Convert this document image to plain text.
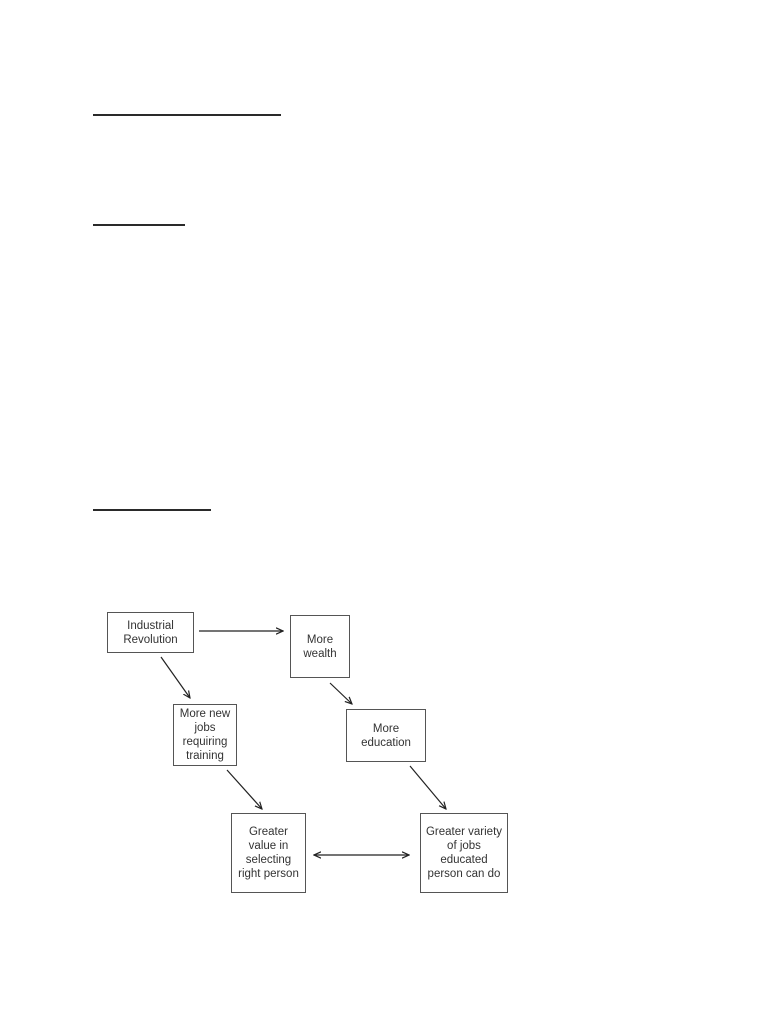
Industrial
Revolution	More
wealth
More new
jobs
requiring
training
More
education
Greater
value in
selecting
right person
Greater variety
of jobs
educated
person can do
